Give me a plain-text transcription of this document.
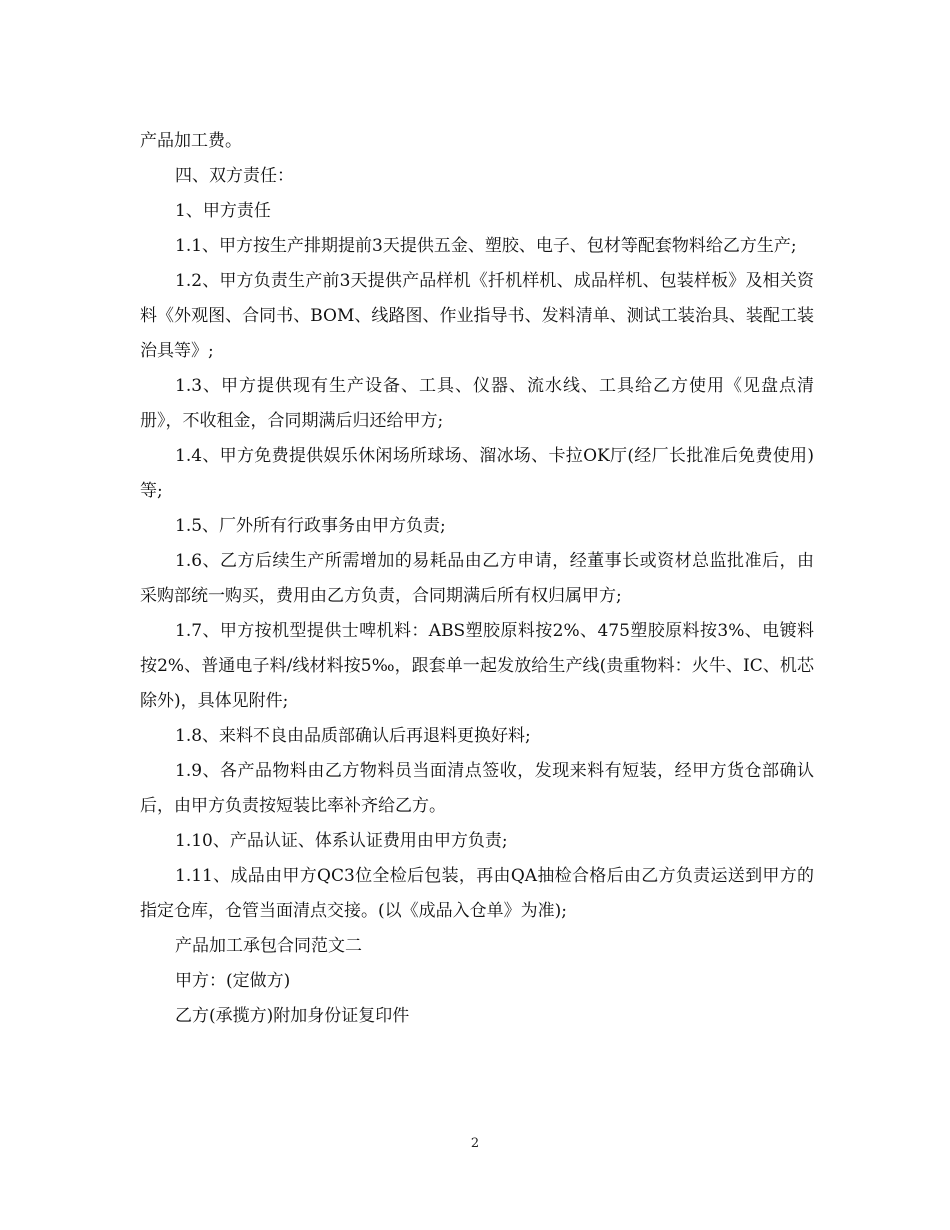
产品加工费。

四、双方责任：

1、甲方责任

1.1、甲方按生产排期提前3天提供五金、塑胶、电子、包材等配套物料给乙方生产;

1.2、甲方负责生产前3天提供产品样机《扦机样机、成品样机、包装样板》及相关资料《外观图、合同书、BOM、线路图、作业指导书、发料清单、测试工装治具、装配工装治具等》;

1.3、甲方提供现有生产设备、工具、仪器、流水线、工具给乙方使用《见盘点清册》，不收租金，合同期满后归还给甲方;

1.4、甲方免费提供娱乐休闲场所球场、溜冰场、卡拉OK厅(经厂长批准后免费使用)等;

1.5、厂外所有行政事务由甲方负责;

1.6、乙方后续生产所需增加的易耗品由乙方申请，经董事长或资材总监批准后，由采购部统一购买，费用由乙方负责，合同期满后所有权归属甲方;

1.7、甲方按机型提供士啤机料：ABS塑胶原料按2%、475塑胶原料按3%、电镀料按2%、普通电子料/线材料按5‰，跟套单一起发放给生产线(贵重物料：火牛、IC、机芯除外)，具体见附件;

1.8、来料不良由品质部确认后再退料更换好料;

1.9、各产品物料由乙方物料员当面清点签收，发现来料有短装，经甲方货仓部确认后，由甲方负责按短装比率补齐给乙方。

1.10、产品认证、体系认证费用由甲方负责;

1.11、成品由甲方QC3位全检后包装，再由QA抽检合格后由乙方负责运送到甲方的指定仓库，仓管当面清点交接。(以《成品入仓单》为准);

产品加工承包合同范文二

甲方：(定做方)

乙方(承揽方)附加身份证复印件

2
